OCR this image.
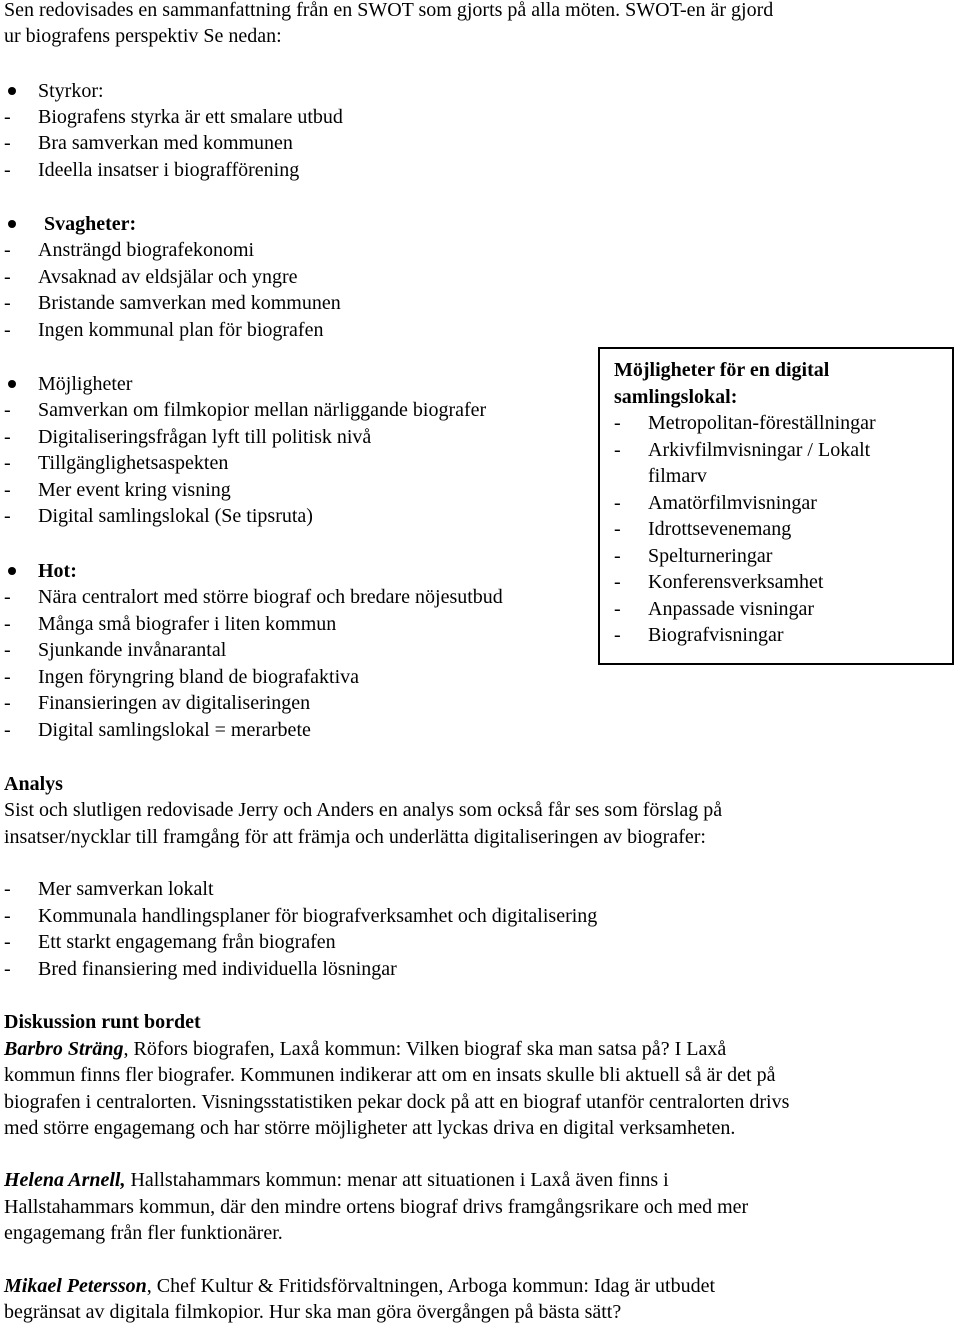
Sen redovisades en sammanfattning från en SWOT som gjorts på alla möten. SWOT-en är gjord
ur biografens perspektiv Se nedan:
Styrkor:
- Biografens styrka är ett smalare utbud
- Bra samverkan med kommunen
- Ideella insatser i biografförening
Svagheter:
- Ansträngd biografekonomi
- Avsaknad av eldsjälar och yngre
- Bristande samverkan med kommunen
- Ingen kommunal plan för biografen
Möjligheter
- Samverkan om filmkopior mellan närliggande biografer
- Digitaliseringsfrågan lyft till politisk nivå
- Tillgänglighetsaspekten
- Mer event kring visning
- Digital samlingslokal (Se tipsruta)
Hot:
- Nära centralort med större biograf och bredare nöjesutbud
- Många små biografer i liten kommun
- Sjunkande invånarantal
- Ingen föryngring bland de biografaktiva
- Finansieringen av digitaliseringen
- Digital samlingslokal = merarbete
Möjligheter för en digital
samlingslokal:
- Metropolitan-föreställningar
- Arkivfilmvisningar / Lokalt
filmarv
- Amatörfilmvisningar
- Idrottsevenemang
- Spelturneringar
- Konferensverksamhet
- Anpassade visningar
- Biografvisningar
Analys
Sist och slutligen redovisade Jerry och Anders en analys som också får ses som förslag på
insatser/nycklar till framgång för att främja och underlätta digitaliseringen av biografer:
- Mer samverkan lokalt
- Kommunala handlingsplaner för biografverksamhet och digitalisering
- Ett starkt engagemang från biografen
- Bred finansiering med individuella lösningar
Diskussion runt bordet
Barbro Sträng, Röfors biografen, Laxå kommun: Vilken biograf ska man satsa på? I Laxå
kommun finns fler biografer. Kommunen indikerar att om en insats skulle bli aktuell så är det på
biografen i centralorten. Visningsstatistiken pekar dock på att en biograf utanför centralorten drivs
med större engagemang och har större möjligheter att lyckas driva en digital verksamheten.
Helena Arnell, Hallstahammars kommun: menar att situationen i Laxå även finns i
Hallstahammars kommun, där den mindre ortens biograf drivs framgångsrikare och med mer
engagemang från fler funktionärer.
Mikael Petersson, Chef Kultur & Fritidsförvaltningen, Arboga kommun: Idag är utbudet
begränsat av digitala filmkopior. Hur ska man göra övergången på bästa sätt?
